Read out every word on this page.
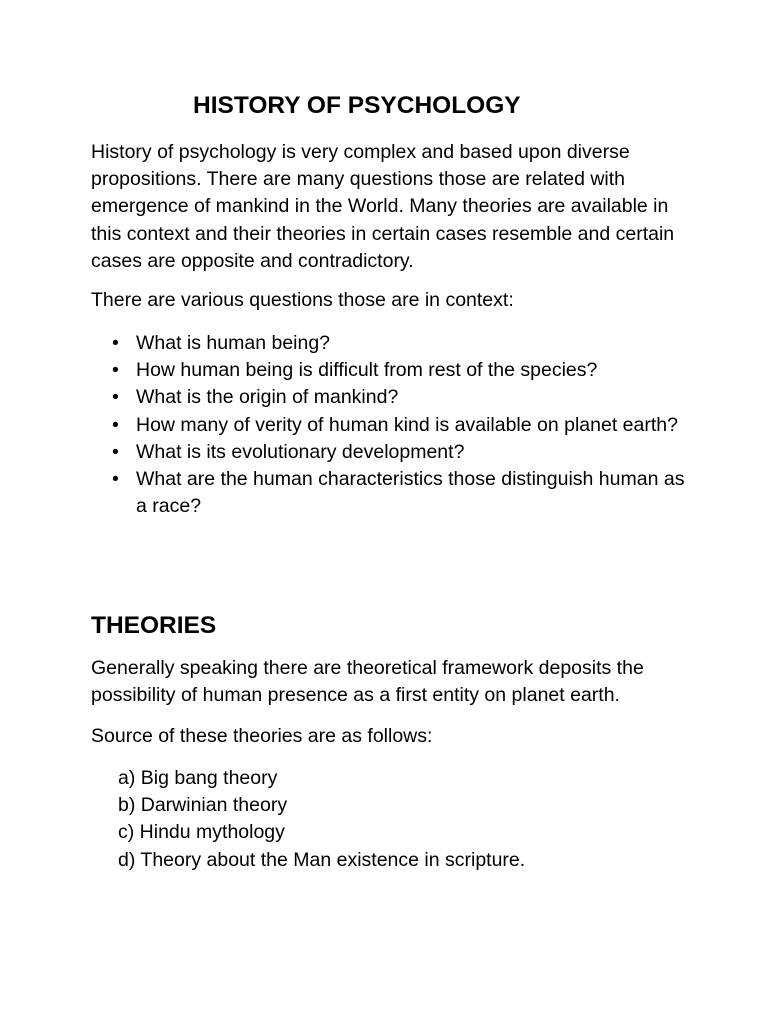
HISTORY OF PSYCHOLOGY

History of psychology is very complex and based upon diverse propositions. There are many questions those are related with emergence of mankind in the World. Many theories are available in this context and their theories in certain cases resemble and certain cases are opposite and contradictory.

There are various questions those are in context:

• What is human being?
• How human being is difficult from rest of the species?
• What is the origin of mankind?
• How many of verity of human kind is available on planet earth?
• What is its evolutionary development?
• What are the human characteristics those distinguish human as a race?
THEORIES

Generally speaking there are theoretical framework deposits the possibility of human presence as a first entity on planet earth.

Source of these theories are as follows:

a) Big bang theory
b) Darwinian theory
c) Hindu mythology
d) Theory about the Man existence in scripture.
